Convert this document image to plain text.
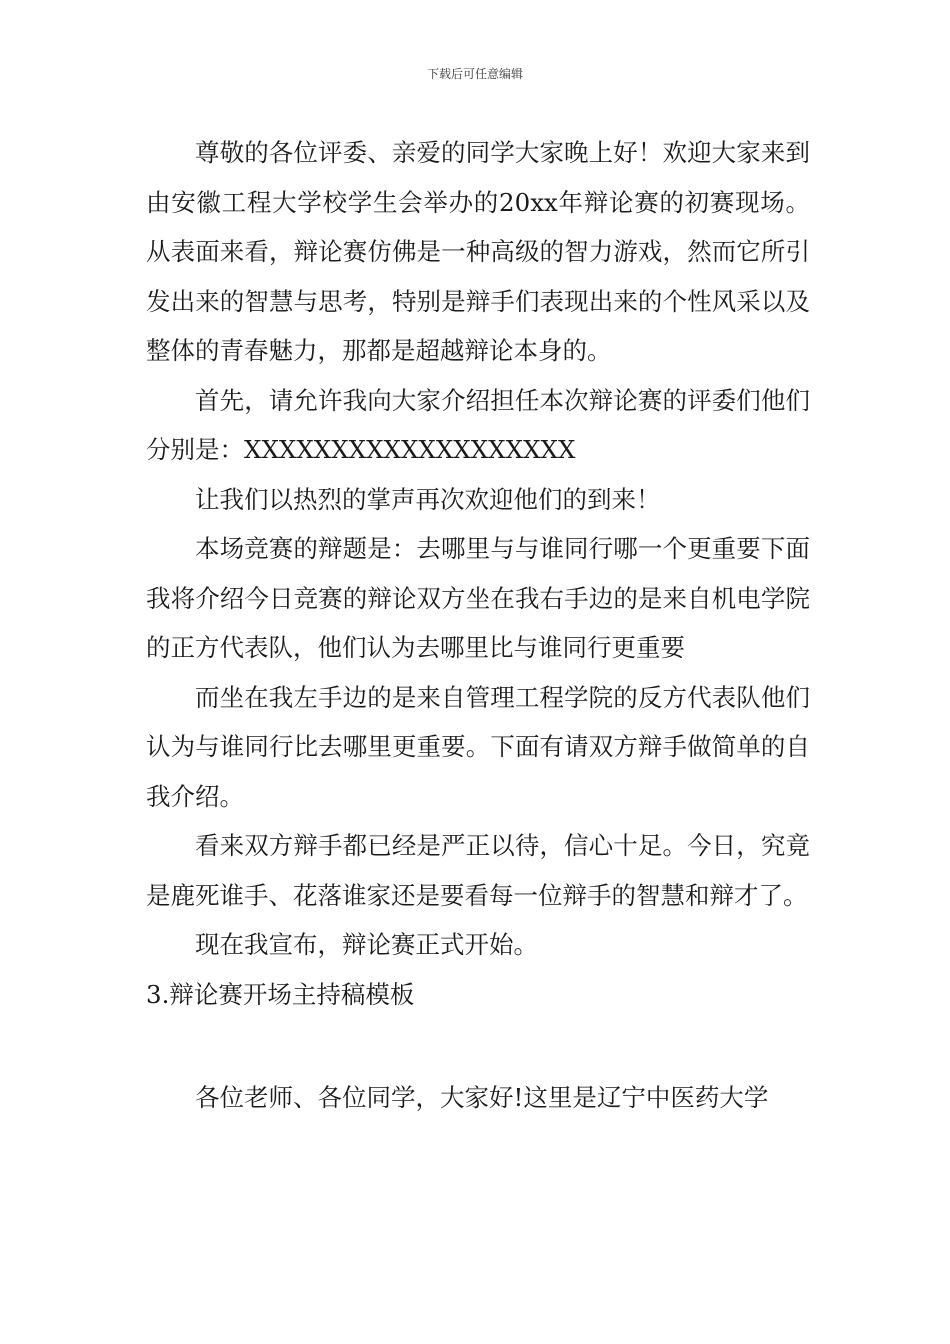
下载后可任意编辑

尊敬的各位评委、亲爱的同学大家晚上好！欢迎大家来到由安徽工程大学校学生会举办的20xx年辩论赛的初赛现场。从表面来看，辩论赛仿佛是一种高级的智力游戏，然而它所引发出来的智慧与思考，特别是辩手们表现出来的个性风采以及整体的青春魅力，那都是超越辩论本身的。

首先，请允许我向大家介绍担任本次辩论赛的评委们他们分别是：XXXXXXXXXXXXXXXXXXX

让我们以热烈的掌声再次欢迎他们的到来！

本场竞赛的辩题是：去哪里与与谁同行哪一个更重要下面我将介绍今日竞赛的辩论双方坐在我右手边的是来自机电学院的正方代表队，他们认为去哪里比与谁同行更重要

而坐在我左手边的是来自管理工程学院的反方代表队他们认为与谁同行比去哪里更重要。下面有请双方辩手做简单的自我介绍。

看来双方辩手都已经是严正以待，信心十足。今日，究竟是鹿死谁手、花落谁家还是要看每一位辩手的智慧和辩才了。

现在我宣布，辩论赛正式开始。

3.辩论赛开场主持稿模板

各位老师、各位同学，大家好!这里是辽宁中医药大学
